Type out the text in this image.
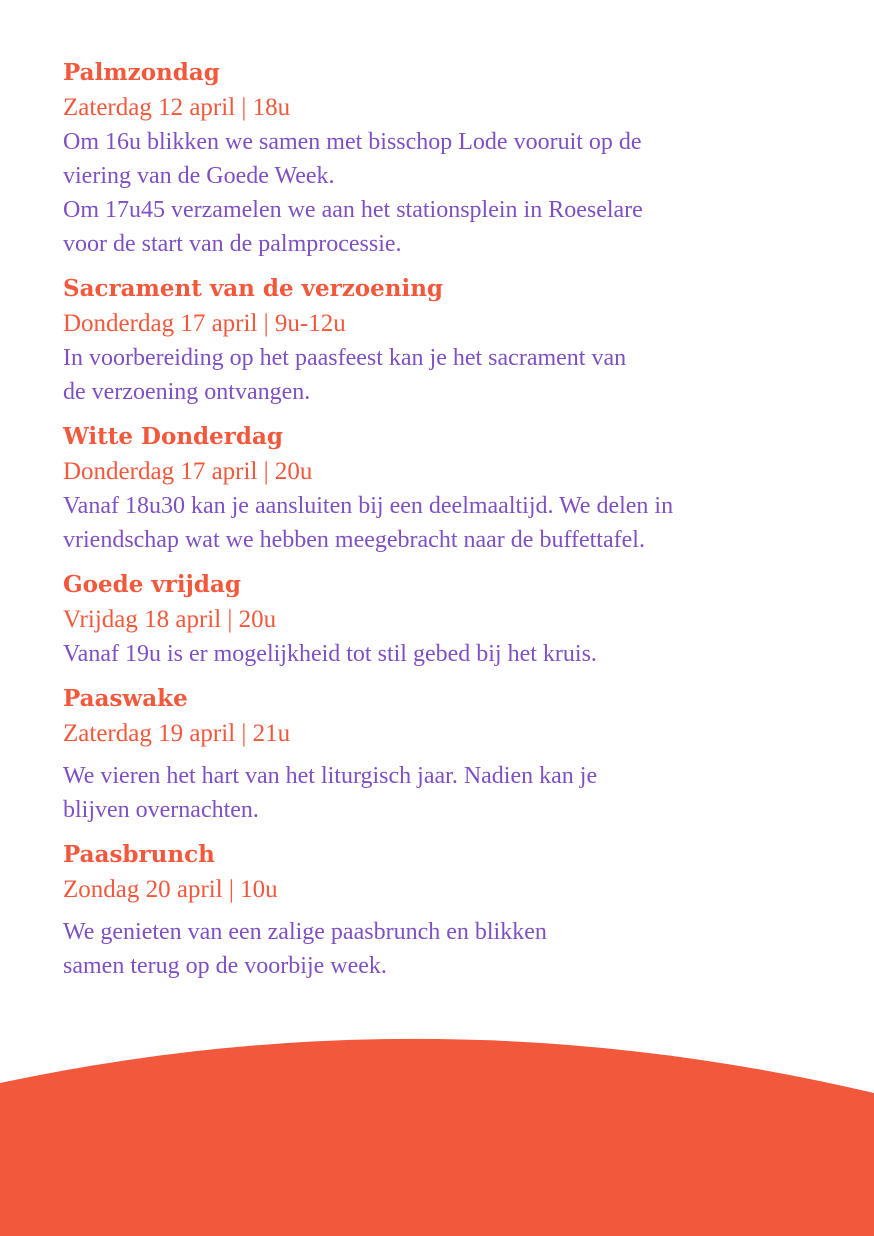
Palmzondag
Zaterdag 12 april | 18u

Om 16u blikken we samen met bisschop Lode vooruit op de

viering van de Goede Week.

Om 17u45 verzamelen we aan het stationsplein in Roeselare

voor de start van de palmprocessie.

Sacrament van de verzoening
Donderdag 17 april | 9u-12u

In voorbereiding op het paasfeest kan je het sacrament van

de verzoening ontvangen.

Witte Donderdag
Donderdag 17 april | 20u

Vanaf 18u30 kan je aansluiten bij een deelmaaltijd. We delen in

vriendschap wat we hebben meegebracht naar de buffettafel.

Goede vrijdag
Vrijdag 18 april | 20u

Vanaf 19u is er mogelijkheid tot stil gebed bij het kruis.

Paaswake
Zaterdag 19 april | 21u

We vieren het hart van het liturgisch jaar. Nadien kan je

blijven overnachten.

Paasbrunch
Zondag 20 april | 10u

We genieten van een zalige paasbrunch en blikken

samen terug op de voorbije week.
